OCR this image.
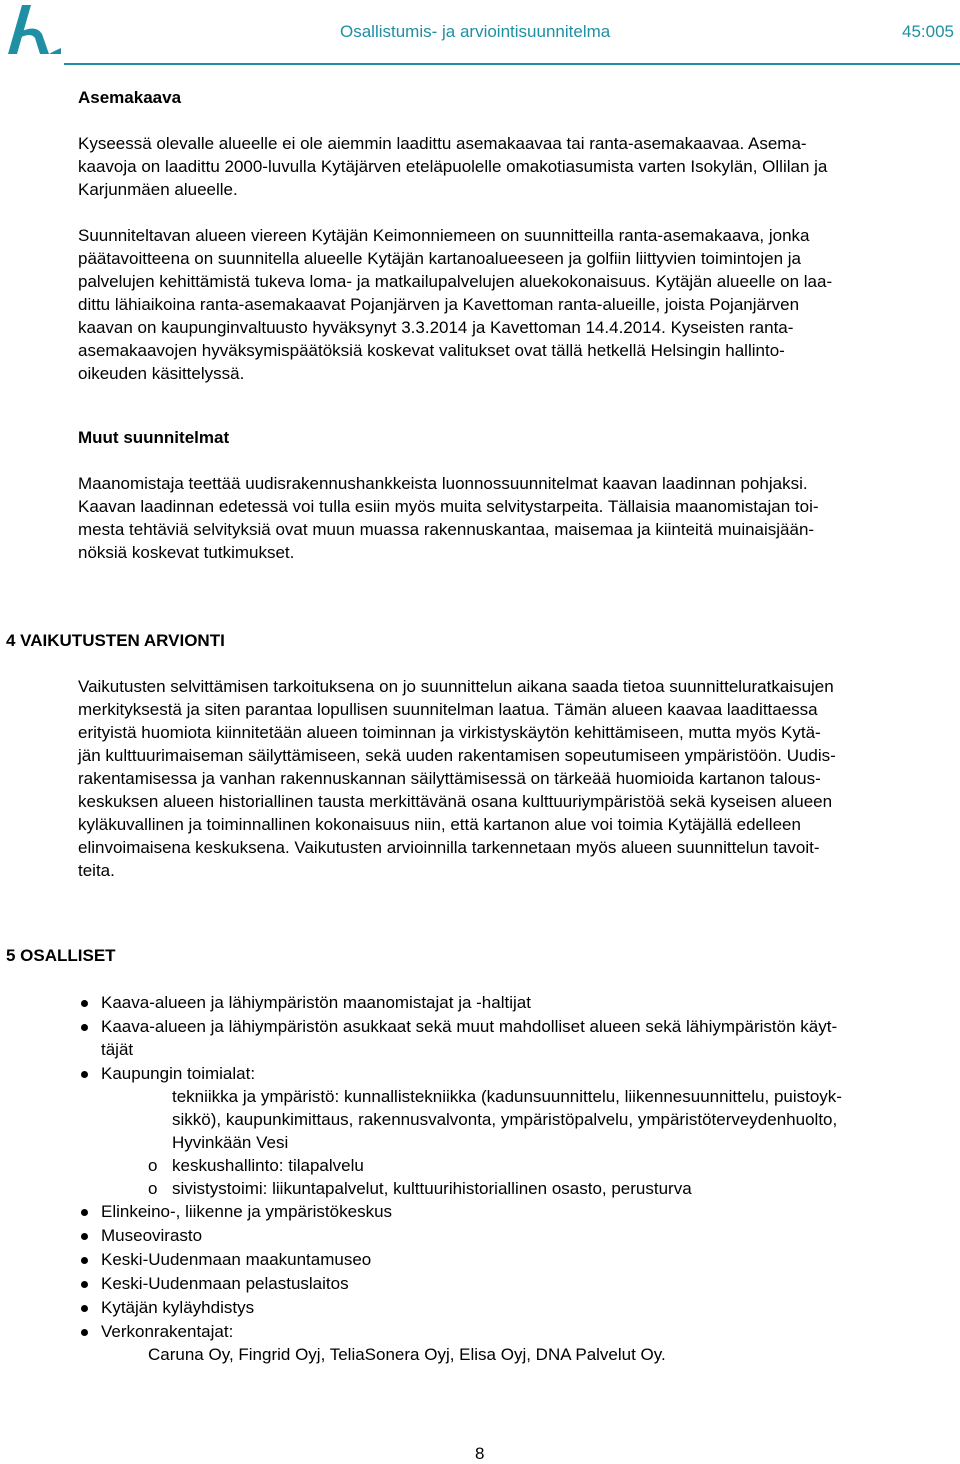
Osallistumis- ja arviointisuunnitelma	45:005
Asemakaava
Kyseessä olevalle alueelle ei ole aiemmin laadittu asemakaavaa tai ranta-asemakaavaa. Asema-
kaavoja on laadittu 2000-luvulla Kytäjärven eteläpuolelle omakotiasumista varten Isokylän, Ollilan ja
Karjunmäen alueelle.
Suunniteltavan alueen viereen Kytäjän Keimonniemeen on suunnitteilla ranta-asemakaava, jonka
päätavoitteena on suunnitella alueelle Kytäjän kartanoalueeseen ja golfiin liittyvien toimintojen ja
palvelujen kehittämistä tukeva loma- ja matkailupalvelujen aluekokonaisuus. Kytäjän alueelle on laa-
dittu lähiaikoina ranta-asemakaavat Pojanjärven ja Kavettoman ranta-alueille, joista Pojanjärven
kaavan on kaupunginvaltuusto hyväksynyt 3.3.2014 ja Kavettoman 14.4.2014. Kyseisten ranta-
asemakaavojen hyväksymispäätöksiä koskevat valitukset ovat tällä hetkellä Helsingin hallinto-
oikeuden käsittelyssä.
Muut suunnitelmat
Maanomistaja teettää uudisrakennushankkeista luonnossuunnitelmat kaavan laadinnan pohjaksi.
Kaavan laadinnan edetessä voi tulla esiin myös muita selvitystarpeita. Tällaisia maanomistajan toi-
mesta tehtäviä selvityksiä ovat muun muassa rakennuskantaa, maisemaa ja kiinteitä muinaisjään-
nöksiä koskevat tutkimukset.
4 VAIKUTUSTEN ARVIONTI
Vaikutusten selvittämisen tarkoituksena on jo suunnittelun aikana saada tietoa suunnitteluratkaisujen
merkityksestä ja siten parantaa lopullisen suunnitelman laatua. Tämän alueen kaavaa laadittaessa
erityistä huomiota kiinnitetään alueen toiminnan ja virkistyskäytön kehittämiseen, mutta myös Kytä-
jän kulttuurimaiseman säilyttämiseen, sekä uuden rakentamisen sopeutumiseen ympäristöön. Uudis-
rakentamisessa ja vanhan rakennuskannan säilyttämisessä on tärkeää huomioida kartanon talous-
keskuksen alueen historiallinen tausta merkittävänä osana kulttuuriympäristöä sekä kyseisen alueen
kyläkuvallinen ja toiminnallinen kokonaisuus niin, että kartanon alue voi toimia Kytäjällä edelleen
elinvoimaisena keskuksena. Vaikutusten arvioinnilla tarkennetaan myös alueen suunnittelun tavoit-
teita.
5 OSALLISET
Kaava-alueen ja lähiympäristön maanomistajat ja -haltijat
Kaava-alueen ja lähiympäristön asukkaat sekä muut mahdolliset alueen sekä lähiympäristön käyt-
täjät
Kaupungin toimialat:
tekniikka ja ympäristö: kunnallistekniikka (kadunsuunnittelu, liikennesuunnittelu, puistoyk-
sikkö), kaupunkimittaus, rakennusvalvonta, ympäristöpalvelu, ympäristöterveydenhuolto,
Hyvinkään Vesi
o keskushallinto: tilapalvelu
o sivistystoimi: liikuntapalvelut, kulttuurihistoriallinen osasto, perusturva
Elinkeino-, liikenne ja ympäristökeskus
Museovirasto
Keski-Uudenmaan maakuntamuseo
Keski-Uudenmaan pelastuslaitos
Kytäjän kyläyhdistys
Verkonrakentajat:
Caruna Oy, Fingrid Oyj, TeliaSonera Oyj, Elisa Oyj, DNA Palvelut Oy.
8
